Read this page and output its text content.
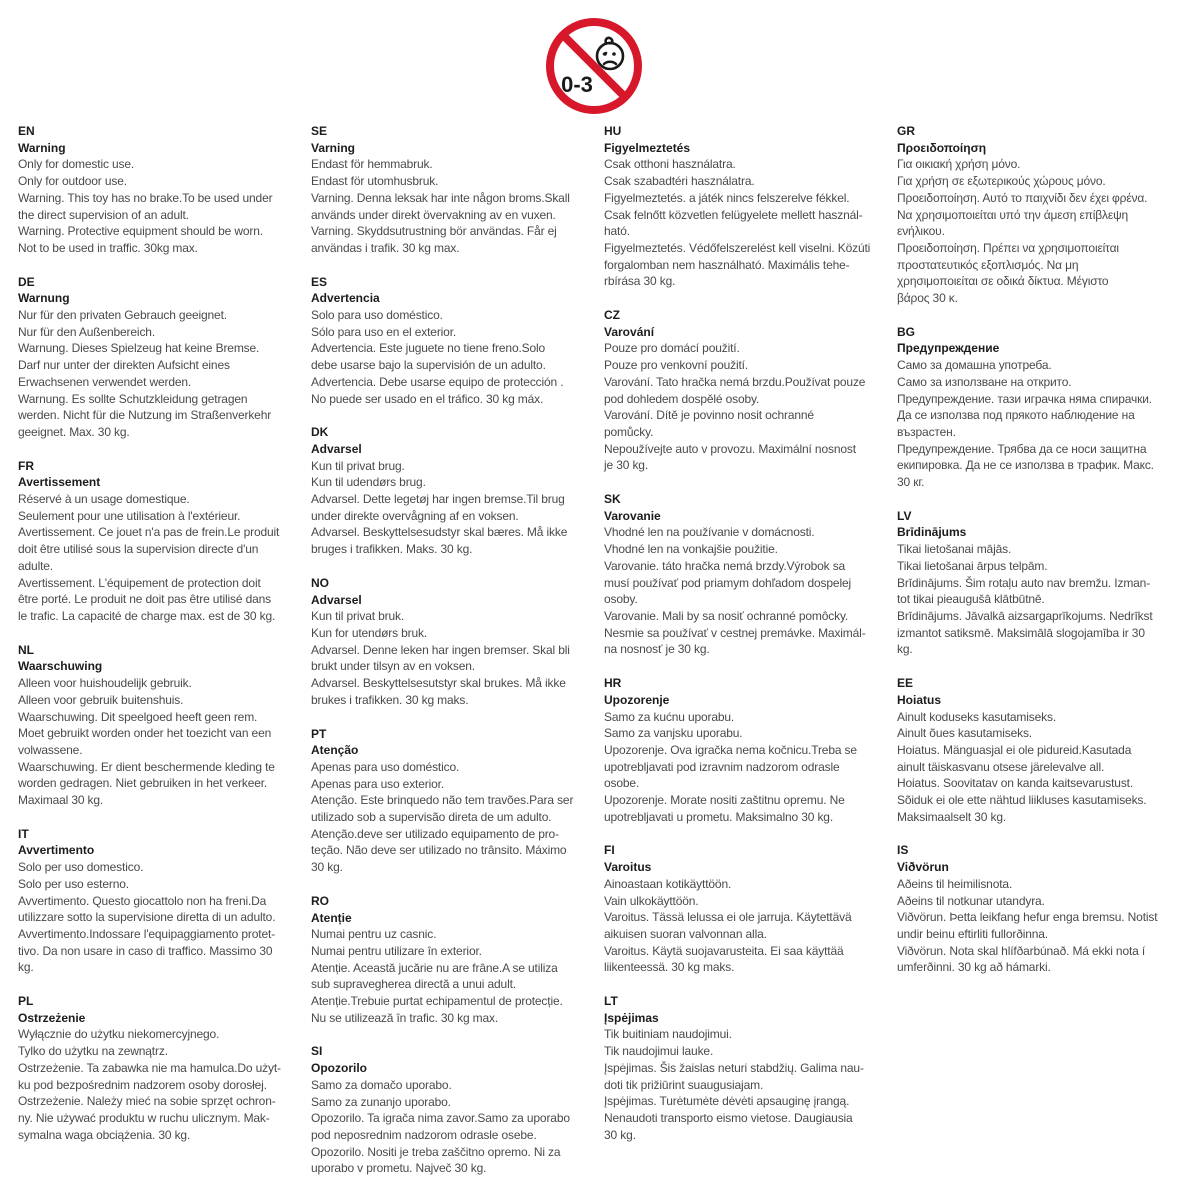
0-3
EN
Warning
Only for domestic use.
Only for outdoor use.
Warning. This toy has no brake.To be used under
the direct supervision of an adult.
Warning. Protective equipment should be worn.
Not to be used in traffic. 30kg max.
DE
Warnung
Nur für den privaten Gebrauch geeignet.
Nur für den Außenbereich.
Warnung. Dieses Spielzeug hat keine Bremse.
Darf nur unter der direkten Aufsicht eines
Erwachsenen verwendet werden.
Warnung. Es sollte Schutzkleidung getragen
werden. Nicht für die Nutzung im Straßenverkehr
geeignet. Max. 30 kg.
FR
Avertissement
Réservé à un usage domestique.
Seulement pour une utilisation à l'extérieur.
Avertissement. Ce jouet n'a pas de frein.Le produit
doit être utilisé sous la supervision directe d'un
adulte.
Avertissement. L'équipement de protection doit
être porté. Le produit ne doit pas être utilisé dans
le trafic. La capacité de charge max. est de 30 kg.
NL
Waarschuwing
Alleen voor huishoudelijk gebruik.
Alleen voor gebruik buitenshuis.
Waarschuwing. Dit speelgoed heeft geen rem.
Moet gebruikt worden onder het toezicht van een
volwassene.
Waarschuwing. Er dient beschermende kleding te
worden gedragen. Niet gebruiken in het verkeer.
Maximaal 30 kg.
IT
Avvertimento
Solo per uso domestico.
Solo per uso esterno.
Avvertimento. Questo giocattolo non ha freni.Da
utilizzare sotto la supervisione diretta di un adulto.
Avvertimento.Indossare l'equipaggiamento protet-
tivo. Da non usare in caso di traffico. Massimo 30
kg.
PL
Ostrzeżenie
Wyłącznie do użytku niekomercyjnego.
Tylko do użytku na zewnątrz.
Ostrzeżenie. Ta zabawka nie ma hamulca.Do użyt-
ku pod bezpośrednim nadzorem osoby dorosłej.
Ostrzeżenie. Należy mieć na sobie sprzęt ochron-
ny. Nie używać produktu w ruchu ulicznym. Mak-
symalna waga obciążenia. 30 kg.
SE
Varning
Endast för hemmabruk.
Endast för utomhusbruk.
Varning. Denna leksak har inte någon broms.Skall
används under direkt övervakning av en vuxen.
Varning. Skyddsutrustning bör användas. Får ej
användas i trafik. 30 kg max.
ES
Advertencia
Solo para uso doméstico.
Sólo para uso en el exterior.
Advertencia. Este juguete no tiene freno.Solo
debe usarse bajo la supervisión de un adulto.
Advertencia. Debe usarse equipo de protección .
No puede ser usado en el tráfico. 30 kg máx.
DK
Advarsel
Kun til privat brug.
Kun til udendørs brug.
Advarsel. Dette legetøj har ingen bremse.Til brug
under direkte overvågning af en voksen.
Advarsel. Beskyttelsesudstyr skal bæres. Må ikke
bruges i trafikken. Maks. 30 kg.
NO
Advarsel
Kun til privat bruk.
Kun for utendørs bruk.
Advarsel. Denne leken har ingen bremser. Skal bli
brukt under tilsyn av en voksen.
Advarsel. Beskyttelsesutstyr skal brukes. Må ikke
brukes i trafikken. 30 kg maks.
PT
Atenção
Apenas para uso doméstico.
Apenas para uso exterior.
Atenção. Este brinquedo não tem travões.Para ser
utilizado sob a supervisão direta de um adulto.
Atenção.deve ser utilizado equipamento de pro-
teção. Não deve ser utilizado no trânsito. Máximo
30 kg.
RO
Atenție
Numai pentru uz casnic.
Numai pentru utilizare în exterior.
Atenție. Această jucărie nu are frâne.A se utiliza
sub supravegherea directă a unui adult.
Atenție.Trebuie purtat echipamentul de protecție.
Nu se utilizează în trafic. 30 kg max.
SI
Opozorilo
Samo za domačo uporabo.
Samo za zunanjo uporabo.
Opozorilo. Ta igrača nima zavor.Samo za uporabo
pod neposrednim nadzorom odrasle osebe.
Opozorilo. Nositi je treba zaščitno opremo. Ni za
uporabo v prometu. Največ 30 kg.
HU
Figyelmeztetés
Csak otthoni használatra.
Csak szabadtéri használatra.
Figyelmeztetés. a játék nincs felszerelve fékkel.
Csak felnőtt közvetlen felügyelete mellett használ-
ható.
Figyelmeztetés. Védőfelszerelést kell viselni. Közúti
forgalomban nem használható. Maximális tehe-
rbírása 30 kg.
CZ
Varování
Pouze pro domácí použití.
Pouze pro venkovní použití.
Varování. Tato hračka nemá brzdu.Používat pouze
pod dohledem dospělé osoby.
Varování. Dítě je povinno nosit ochranné
pomůcky.
Nepoužívejte auto v provozu. Maximální nosnost
je 30 kg.
SK
Varovanie
Vhodné len na používanie v domácnosti.
Vhodné len na vonkajšie použitie.
Varovanie. táto hračka nemá brzdy.Výrobok sa
musí používať pod priamym dohľadom dospelej
osoby.
Varovanie. Mali by sa nosiť ochranné pomôcky.
Nesmie sa používať v cestnej premávke. Maximál-
na nosnosť je 30 kg.
HR
Upozorenje
Samo za kućnu uporabu.
Samo za vanjsku uporabu.
Upozorenje. Ova igračka nema kočnicu.Treba se
upotrebljavati pod izravnim nadzorom odrasle
osobe.
Upozorenje. Morate nositi zaštitnu opremu. Ne
upotrebljavati u prometu. Maksimalno 30 kg.
FI
Varoitus
Ainoastaan kotikäyttöön.
Vain ulkokäyttöön.
Varoitus. Tässä lelussa ei ole jarruja. Käytettävä
aikuisen suoran valvonnan alla.
Varoitus. Käytä suojavarusteita. Ei saa käyttää
liikenteessä. 30 kg maks.
LT
Įspėjimas
Tik buitiniam naudojimui.
Tik naudojimui lauke.
Įspėjimas. Šis žaislas neturi stabdžių. Galima nau-
doti tik prižiūrint suaugusiajam.
Įspėjimas. Turėtumėte dėvėti apsauginę įrangą.
Nenaudoti transporto eismo vietose. Daugiausia
30 kg.
GR
Προειδοποίηση
Για οικιακή χρήση μόνο.
Για χρήση σε εξωτερικούς χώρους μόνο.
Προειδοποίηση. Αυτό το παιχνίδι δεν έχει φρένα.
Να χρησιμοποιείται υπό την άμεση επίβλεψη
ενήλικου.
Προειδοποίηση. Πρέπει να χρησιμοποιείται
προστατευτικός εξοπλισμός. Να μη
χρησιμοποιείται σε οδικά δίκτυα. Μέγιστο
βάρος 30 κ.
BG
Предупреждение
Само за домашна употреба.
Само за използване на открито.
Предупреждение. тази играчка няма спирачки.
Да се използва под прякото наблюдение на
възрастен.
Предупреждение. Трябва да се носи защитна
екипировка. Да не се използва в трафик. Макс.
30 кг.
LV
Brīdinājums
Tikai lietošanai mājās.
Tikai lietošanai ārpus telpām.
Brīdinājums. Šim rotaļu auto nav bremžu. Izman-
tot tikai pieaugušā klātbūtnē.
Brīdinājums. Jāvalkā aizsargaprīkojums. Nedrīkst
izmantot satiksmē. Maksimālā slogojamība ir 30
kg.
EE
Hoiatus
Ainult koduseks kasutamiseks.
Ainult õues kasutamiseks.
Hoiatus. Mänguasjal ei ole pidureid.Kasutada
ainult täiskasvanu otsese järelevalve all.
Hoiatus. Soovitatav on kanda kaitsevarustust.
Sõiduk ei ole ette nähtud liikluses kasutamiseks.
Maksimaalselt 30 kg.
IS
Viðvörun
Aðeins til heimilisnota.
Aðeins til notkunar utandyra.
Viðvörun. Þetta leikfang hefur enga bremsu. Notist
undir beinu eftirliti fullorðinna.
Viðvörun. Nota skal hlífðarbúnað. Má ekki nota í
umferðinni. 30 kg að hámarki.
